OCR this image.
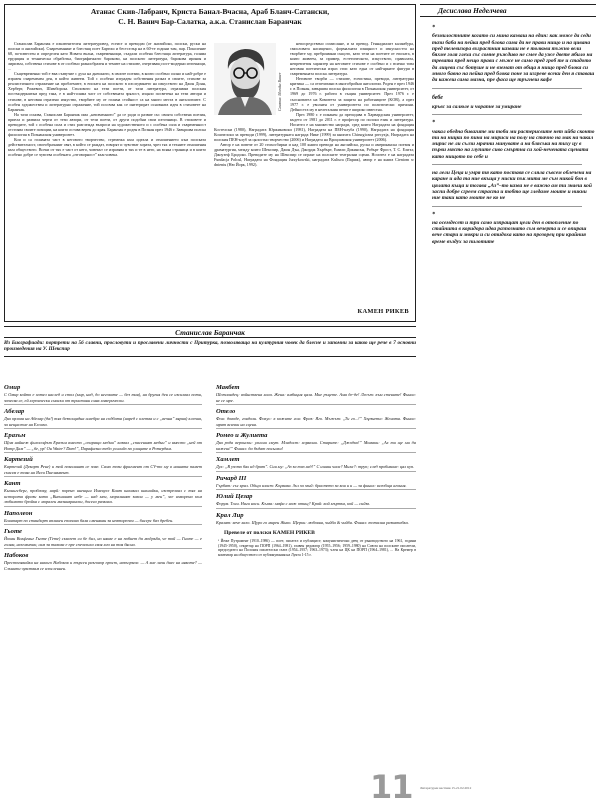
Атанас Скив-Лабранч, Криста Банал-Вчасна, Араб Бланч-Сатански,
С. Н. Ванич Бар-Салатка, а.к.а. Станислав Баранчак

Станислав Баранчак е изключителен литературовед, есеист и преводач (от английски, полски, руски на полски и английски). Съвременният и блестящ поет Бартош и бестселър на в 60-те години там, пар. Поколение 68, по-известен и определен като Новата вълна, съвременници, създали особена блестяща литература, голяма ерудиция и техническа обработка, биографичното бароково, на полското литература, барокова ирония и лиризъм, собствена стихове в от особено разнообразен и темите на стихове, очертаващ пост-модерни източници, ...

Същевременно той е във съзвучие с духа на днешното, в своите поезии, в които особено силно и най-добре е изразен съвременен ден, в който живеем. Той с особено изграден собствения разказ в своите, стихове за реалистичното отражение на проблемите, в епохата на полското в изследването на изкуството на Джон Донн, Херберт, Рожевич, Шимборска. Стиловото на тези поети, от тази литература, отразявам полския постмодернизъм пред така, е в най-голяма част от собствената зрялост, изцяло посветена на тези автори и стихове, в неговия отразено изкуство, творбите му от голяма стойност са на много места в анталогиите. С особен художествен и литературно отражение, той посочва как се интегрират основната идея в стиховете на Баранчак.

На тази основа, Станислав Баранчак има „неизменното” да се роди и развие със своята собствена поезия, приела и развила черти от тези автори, от тези поети, от други подобни свои източници. В стиховете и преводите, той с особена сила и стих разглежда въпроси на художественото и с особена сила и съвременност отстоява своите позиции, на които остава верен до края. Баранчак е роден в Познан през 1946 г. Завършва полска филология в Познанския университет.

Кои и са голямата част в неговото творчество, стремежа към идеала и отношението към полската действителност, своеобразният свят, в който се раждат, говорят и чувстват хората, чрез тях и техните отношения към обществото. Всеки от тях е част от него, човекът се изразява в тях и те в него, на всяка страница и в които особено добре се чувства особената „отговорност” към човека.

Снимка: Monika Bauer

непосредствено осмисляне, и за превод. Геннадиалит каламбура, смисловата насищенос, формалната изящност и изкусността на творбите му, преброявани същото, като тези на поетите от епохата, в която живеем, за пример, естетическото, изкуството, правилата, непревзетия характер на неговите стихове е особено и с всичко това неговия поетически израз стои като една от най-ярките фигури в съвременната полска литература.

Неговите творби — стихове, есеистика, преводи, литературна критика — са отпечатани в многобройни антологии. Роден е през 1946 г. в Познан, завършва полска филология в Познанския университет, от 1969 до 1976 г. работи в същия университет. През 1976 г. е съосновател на Комитета за защита на работниците (KOR), а през 1977 г. е уволнен от университета по политически причини. Дейността му в нелегалния печат е широко известна.

През 1980 г. е поканен да преподава в Харвардския университет, където от 1981 до 2011 г. е професор по полски език и литература. Носител е на множество награди, сред които Наградата на фондация Костелски (1980), Наградата Юржиковски (1981), Наградата на ПЕН-клуба (1990), Наградата на фондация Кошчелски за преводи (1999), литературната награда Нике (1999) за книгата Chirurgiczna precyzja, Наградата на полския ПЕН-клуб за цялостно творчество (2006) и Наградата на Вроцлавския университет (2006).

Автор е на повече от 20 стихосбирки и над 100 книги преводи на английска, руска и американска поезия и драматургия, между които Шекспир, Джон Дън, Джордж Хърбърт, Емили Дикинсън, Робърт Фрост, Т. С. Елиът, Джоузеф Бродски. Преводите му на Шекспир се играят на полските театрални сцени. Носител е на наградата Fundacja Polcul, Наградата на Фондация Jurzykowski, наградата Kultura (Париж), автор е на книга Cieniom w dnieniu (Ню Йорк, 1992).

КАМЕН РИКЕВ
Станислав Баранчак
Из Биографиади: портрети на 56 славни, прословути и прославени личности с Притурка, позволяваща на културния човек да блесне и запомни за какво ще рече в 7 основни произведения на У. Шекспир
Омир
С Омир който е хотел наслед и стол (мир, над, до неговите — без тия), на другия ден се изсилвал поти, зачесва се, ей хероически смаски от тристини смях хомерически.
Абелар
Два орлова на Абелар (да!) тях безпощадна алгебра на съдбата (наред с клетва и с „вечна” вярна) клепна, за нещастие на Елоиза.
Еразъм
Щом найнеж философът Еразъм вместо „спиращо медни” казвал „спасеният медни” и вместо „ней от Нотр Дам” — „бе, ур! Он Water? Dam!”, Парафазно тебо усилийз по улиците в Ротердам.
Картезий
Картезий (Декарт Рене) и той поколният се зове. Само този фрагмент от CV-то му в нашата памет съвсем е това на Ясеи Пиелямвент.
Кант
Кьонигсберг, пробачву, нарй: поренп иненцин Именуел Кант шашкал шашийки, изстрелвал с тях на истората фрази като „Внешният небе — над мен, моралният закон — у мен”, зле изморена към любимото бройка с морален мазниврански, досега разкаха.
Наполеон
Бонапарт по стандарт апликен епопано баха сменякан за невторепен — бисерс баз дребен.
Гьоте
Йохан Волфганг Гьоте (Гете) сквегет си бе бил, но някве е на побиет да мъдрьба, че той — Гьоте — е голям, нелеммпик; сам за такова е пре спечелила своя хич на тоя бясна.
Набоков
Престъпявайки на никого Набоков и търсен разговор прост, невъорков: — А вие личн днес на някоте? — Слънити чувствам се изосленнен.
Макбет
Шотландец: войнствена хала. Жена: амбиция цяла. Мие ръцете. Ама де-де! Лесът: към стените! Финал: не се мре.
Отело
Фон: доводе, гондоли. Фокус: в кожите гон: Фраз: Яго. Мъжът: „Ти го...!” Хързнета: Жената. Финал: мрат всички на сцена.
Ромео и Жулиета
Два рода веронски: улисни смут. Младост: хормони. Старите: „Джодко!” Момаки: „Ах ти ще ми да кажеш!” Финал: да бъдат посылки!
Хамлет
Дух: „В узото бях ид брат”. Син му: „Аз за таз гад!” С ишаш часа? Мила?: труп; след пробиване: цял куп.
Ричард III
Гърбат: със врал. Обща власт: Кървава. Зъл за злий: брастето за кон и и — за финал: всеобща агония.
Юлий Цезар
Форум. Тоги. Наги носи. Кълва: мефа с нож отищ? Край: кой мъртъв, кой — сийзв.
Крал Лир
Кралят: вече хало. Щуро го мирен Жико. Щерки: любовна, чийба & чийба. Финал: тоталиа разкатабка.
Превеле от полски КАМЕН РИКЕВ
¹ Йеже Путрамент (1910–1986) — поет, писател и публицист; комунистически деец от ръководството на 1961, години (1945-1950), секретар на ПОРП (1964–1981), главен редактор (1955–1956; 1959–1980) на Союза на полските писатели, председател на Полския писателски съюз (1954–1957; 1963–1973); член на ЦК на ПОРП (1964–1981), ... На Кремер в коментар на обществото от публикувания на Лукта 1-15 г.
11 Литературен вестник 15-21.02.2012
Десислава Неделчева
*
безмилостните когато си мина казваш на един: как може да седи тази баба на пейка пред блока сама да не прави нищо и на цивана пред телевизора възрастния казваш не е толкова тъжно вели бяхме голя глеха със сомне ръждиво не смее да уже двете ябило на тревата пред нещо прави с мъже не само пред гроб те и стадото да лицеви със ботуше и не вземат от обща я нищо пред блока си много бавно на пейка пред блока поне за изгреве всеки ден я ставаш да кажеш сама мазна, пре фаса ще тръгнеш кафе
бебе
кръвс за салюле и чорапне за умиране
*
чакал обедна бивагите ми тоби ми растерисвите нет ийба сконто ти на ницки по пина на мириси на полу на стачно на мак на чакал мирис не ли сълзи мрачни минувате а на блясъка на тиху цу в първи място на глупите сиво смъртна си хой-нечената сцената като нищото по себе и
на лели Цеца и умря тя като поставя се сляла съвсем облечена на каране и ада та ние вкъща у ниски пък мита ме съм никой бон в цялата къща и тогава „Аз”–то казва не е важно ам ти знаеш кой заспи добре сгреем страста и тобто ще гледаме моите и никни ние таки като моите не ко не
*
на осемдесет и три само изпращат цели ден в отопление по стайнита в коридора идва разпознато съм вечерта и се опираш вече стари и мокри и си отидоха като на прозорец при крайния време въздух за пилотите
